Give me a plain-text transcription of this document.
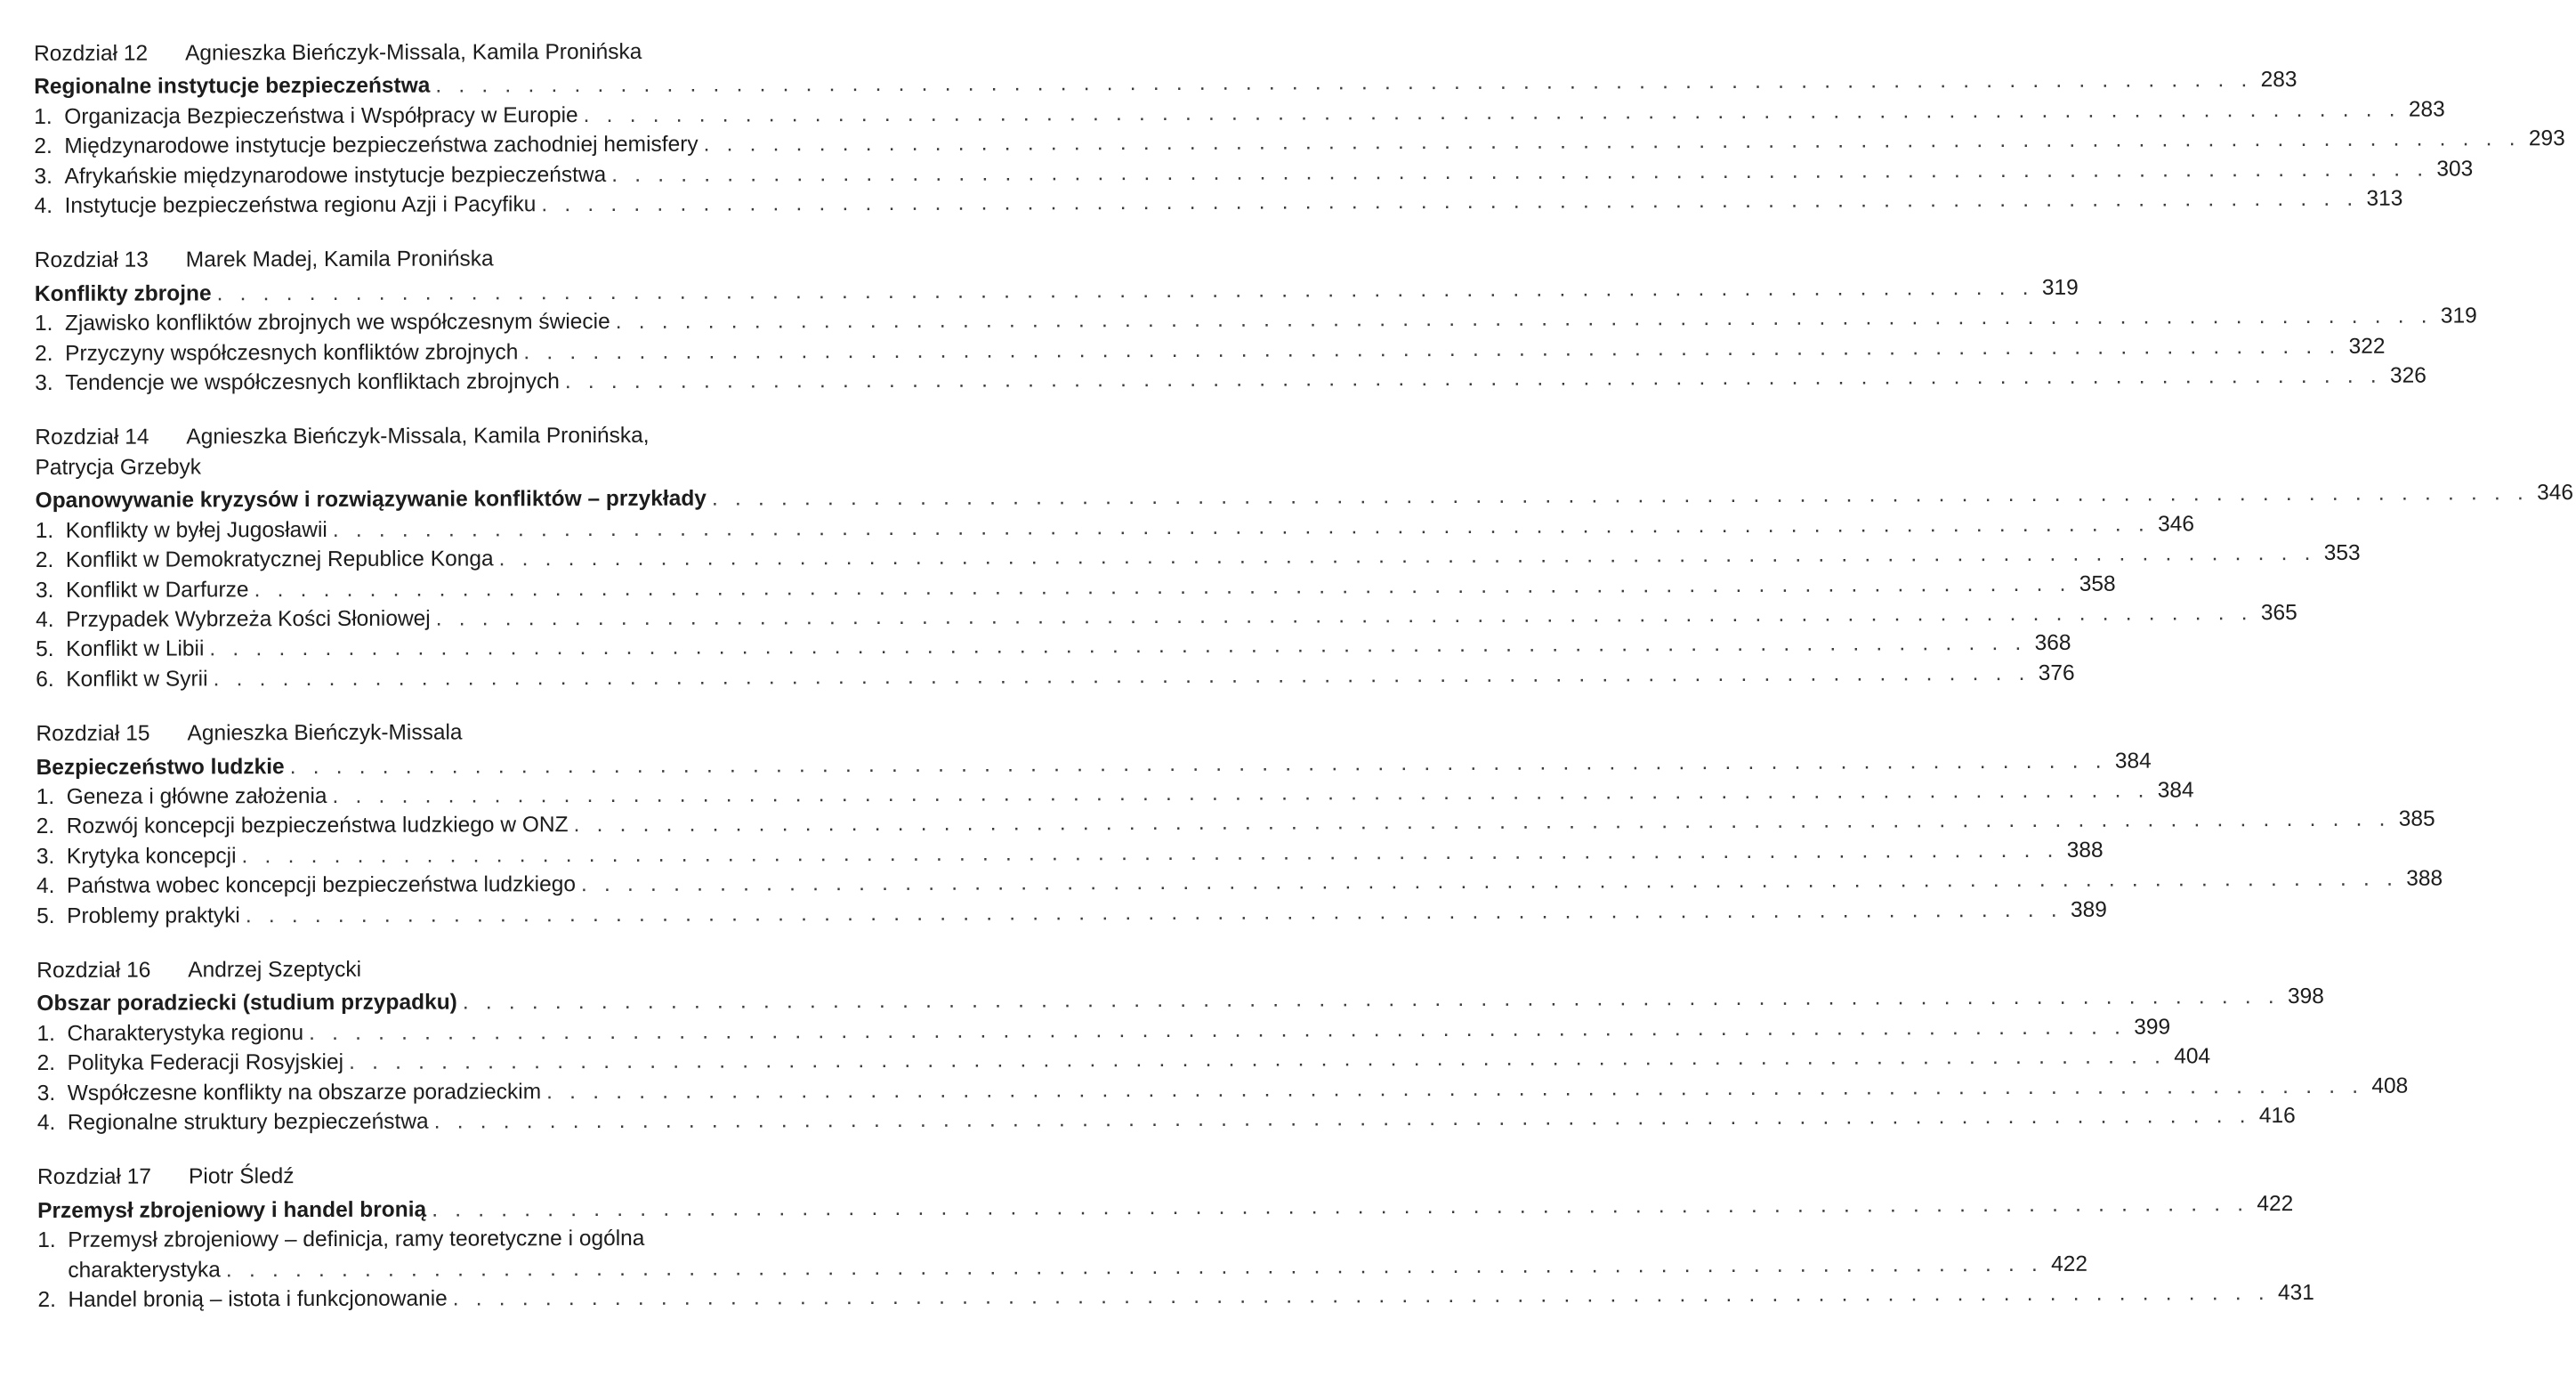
Rozdział 12 Agnieszka Bieńczyk-Missala, Kamila Pronińska
Regionalne instytucje bezpieczeństwa . . . . . . . . . . . . . . . . . . . . . . . . . . . . . . . . . . . . . . . . . . . . . . . . . . . . . . . . . . . . . . . . . . . . . . . . . . . . . . . 283
1. Organizacja Bezpieczeństwa i Współpracy w Europie . . . . . . . . . . . . . . . . . . . . . . . . . . . . . . . . . . . . . . . . . . . . . . . . . . . . . . . . . . . . . . . . . . . . . . . . . . . . . . . 283
2. Międzynarodowe instytucje bezpieczeństwa zachodniej hemisfery . . . . . . . . . . . . . . . . . . . . . . . . . . . . . . . . . . . . . . . . . . . . . . . . . . . . . . . . . . . . . . . . . . . . . . . . . . . . . . . 293
3. Afrykańskie międzynarodowe instytucje bezpieczeństwa . . . . . . . . . . . . . . . . . . . . . . . . . . . . . . . . . . . . . . . . . . . . . . . . . . . . . . . . . . . . . . . . . . . . . . . . . . . . . . . 303
4. Instytucje bezpieczeństwa regionu Azji i Pacyfiku . . . . . . . . . . . . . . . . . . . . . . . . . . . . . . . . . . . . . . . . . . . . . . . . . . . . . . . . . . . . . . . . . . . . . . . . . . . . . . . 313
Rozdział 13 Marek Madej, Kamila Pronińska
Konflikty zbrojne . . . . . . . . . . . . . . . . . . . . . . . . . . . . . . . . . . . . . . . . . . . . . . . . . . . . . . . . . . . . . . . . . . . . . . . . . . . . . . . 319
1. Zjawisko konfliktów zbrojnych we współczesnym świecie . . . . . . . . . . . . . . . . . . . . . . . . . . . . . . . . . . . . . . . . . . . . . . . . . . . . . . . . . . . . . . . . . . . . . . . . . . . . . . . 319
2. Przyczyny współczesnych konfliktów zbrojnych . . . . . . . . . . . . . . . . . . . . . . . . . . . . . . . . . . . . . . . . . . . . . . . . . . . . . . . . . . . . . . . . . . . . . . . . . . . . . . . 322
3. Tendencje we współczesnych konfliktach zbrojnych . . . . . . . . . . . . . . . . . . . . . . . . . . . . . . . . . . . . . . . . . . . . . . . . . . . . . . . . . . . . . . . . . . . . . . . . . . . . . . . 326
Rozdział 14 Agnieszka Bieńczyk-Missala, Kamila Pronińska,
Patrycja Grzebyk
Opanowywanie kryzysów i rozwiązywanie konfliktów – przykłady . . . . . . . . . . . . . . . . . . . . . . . . . . . . . . . . . . . . . . . . . . . . . . . . . . . . . . . . . . . . . . . . . . . . . . . . . . . . . . . 346
1. Konflikty w byłej Jugosławii . . . . . . . . . . . . . . . . . . . . . . . . . . . . . . . . . . . . . . . . . . . . . . . . . . . . . . . . . . . . . . . . . . . . . . . . . . . . . . . 346
2. Konflikt w Demokratycznej Republice Konga . . . . . . . . . . . . . . . . . . . . . . . . . . . . . . . . . . . . . . . . . . . . . . . . . . . . . . . . . . . . . . . . . . . . . . . . . . . . . . . 353
3. Konflikt w Darfurze . . . . . . . . . . . . . . . . . . . . . . . . . . . . . . . . . . . . . . . . . . . . . . . . . . . . . . . . . . . . . . . . . . . . . . . . . . . . . . . 358
4. Przypadek Wybrzeża Kości Słoniowej . . . . . . . . . . . . . . . . . . . . . . . . . . . . . . . . . . . . . . . . . . . . . . . . . . . . . . . . . . . . . . . . . . . . . . . . . . . . . . . 365
5. Konflikt w Libii . . . . . . . . . . . . . . . . . . . . . . . . . . . . . . . . . . . . . . . . . . . . . . . . . . . . . . . . . . . . . . . . . . . . . . . . . . . . . . . 368
6. Konflikt w Syrii . . . . . . . . . . . . . . . . . . . . . . . . . . . . . . . . . . . . . . . . . . . . . . . . . . . . . . . . . . . . . . . . . . . . . . . . . . . . . . . 376
Rozdział 15 Agnieszka Bieńczyk-Missala
Bezpieczeństwo ludzkie . . . . . . . . . . . . . . . . . . . . . . . . . . . . . . . . . . . . . . . . . . . . . . . . . . . . . . . . . . . . . . . . . . . . . . . . . . . . . . . 384
1. Geneza i główne założenia . . . . . . . . . . . . . . . . . . . . . . . . . . . . . . . . . . . . . . . . . . . . . . . . . . . . . . . . . . . . . . . . . . . . . . . . . . . . . . . 384
2. Rozwój koncepcji bezpieczeństwa ludzkiego w ONZ . . . . . . . . . . . . . . . . . . . . . . . . . . . . . . . . . . . . . . . . . . . . . . . . . . . . . . . . . . . . . . . . . . . . . . . . . . . . . . . 385
3. Krytyka koncepcji . . . . . . . . . . . . . . . . . . . . . . . . . . . . . . . . . . . . . . . . . . . . . . . . . . . . . . . . . . . . . . . . . . . . . . . . . . . . . . . 388
4. Państwa wobec koncepcji bezpieczeństwa ludzkiego . . . . . . . . . . . . . . . . . . . . . . . . . . . . . . . . . . . . . . . . . . . . . . . . . . . . . . . . . . . . . . . . . . . . . . . . . . . . . . . 388
5. Problemy praktyki . . . . . . . . . . . . . . . . . . . . . . . . . . . . . . . . . . . . . . . . . . . . . . . . . . . . . . . . . . . . . . . . . . . . . . . . . . . . . . . 389
Rozdział 16 Andrzej Szeptycki
Obszar poradziecki (studium przypadku) . . . . . . . . . . . . . . . . . . . . . . . . . . . . . . . . . . . . . . . . . . . . . . . . . . . . . . . . . . . . . . . . . . . . . . . . . . . . . . . 398
1. Charakterystyka regionu . . . . . . . . . . . . . . . . . . . . . . . . . . . . . . . . . . . . . . . . . . . . . . . . . . . . . . . . . . . . . . . . . . . . . . . . . . . . . . . 399
2. Polityka Federacji Rosyjskiej . . . . . . . . . . . . . . . . . . . . . . . . . . . . . . . . . . . . . . . . . . . . . . . . . . . . . . . . . . . . . . . . . . . . . . . . . . . . . . . 404
3. Współczesne konflikty na obszarze poradzieckim . . . . . . . . . . . . . . . . . . . . . . . . . . . . . . . . . . . . . . . . . . . . . . . . . . . . . . . . . . . . . . . . . . . . . . . . . . . . . . . 408
4. Regionalne struktury bezpieczeństwa . . . . . . . . . . . . . . . . . . . . . . . . . . . . . . . . . . . . . . . . . . . . . . . . . . . . . . . . . . . . . . . . . . . . . . . . . . . . . . . 416
Rozdział 17 Piotr Śledź
Przemysł zbrojeniowy i handel bronią . . . . . . . . . . . . . . . . . . . . . . . . . . . . . . . . . . . . . . . . . . . . . . . . . . . . . . . . . . . . . . . . . . . . . . . . . . . . . . . 422
1. Przemysł zbrojeniowy – definicja, ramy teoretyczne i ogólna
charakterystyka . . . . . . . . . . . . . . . . . . . . . . . . . . . . . . . . . . . . . . . . . . . . . . . . . . . . . . . . . . . . . . . . . . . . . . . . . . . . . . . 422
2. Handel bronią – istota i funkcjonowanie . . . . . . . . . . . . . . . . . . . . . . . . . . . . . . . . . . . . . . . . . . . . . . . . . . . . . . . . . . . . . . . . . . . . . . . . . . . . . . . 431
